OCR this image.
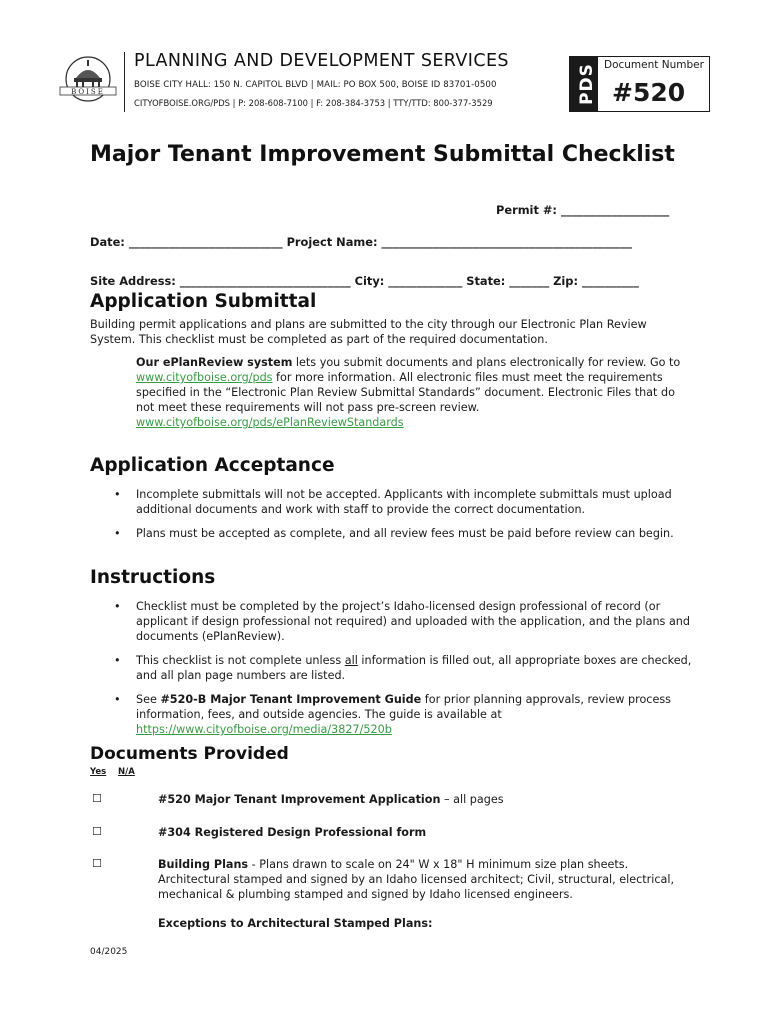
BOISE
PLANNING AND DEVELOPMENT SERVICES
BOISE CITY HALL: 150 N. CAPITOL BLVD | MAIL: PO BOX 500, BOISE ID 83701-0500
CITYOFBOISE.ORG/PDS | P: 208-608-7100 | F: 208-384-3753 | TTY/TTD: 800-377-3529	PDS Document Number
#520
Major Tenant Improvement Submittal Checklist
Permit #: ___________________
Date: ___________________________ Project Name: ____________________________________________
Site Address: ______________________________ City: _____________ State: _______ Zip: __________
Application Submittal
Building permit applications and plans are submitted to the city through our Electronic Plan Review System. This checklist must be completed as part of the required documentation.
Our ePlanReview system lets you submit documents and plans electronically for review. Go to www.cityofboise.org/pds for more information. All electronic files must meet the requirements specified in the “Electronic Plan Review Submittal Standards” document. Electronic Files that do not meet these requirements will not pass pre-screen review.
www.cityofboise.org/pds/ePlanReviewStandards
Application Acceptance
• Incomplete submittals will not be accepted. Applicants with incomplete submittals must upload additional documents and work with staff to provide the correct documentation.
• Plans must be accepted as complete, and all review fees must be paid before review can begin.
Instructions
• Checklist must be completed by the project’s Idaho-licensed design professional of record (or applicant if design professional not required) and uploaded with the application, and the plans and documents (ePlanReview).
• This checklist is not complete unless all information is filled out, all appropriate boxes are checked, and all plan page numbers are listed.
• See #520-B Major Tenant Improvement Guide for prior planning approvals, review process information, fees, and outside agencies. The guide is available at https://www.cityofboise.org/media/3827/520b
Documents Provided
Yes N/A
☐	#520 Major Tenant Improvement Application – all pages
☐	#304 Registered Design Professional form
☐	Building Plans - Plans drawn to scale on 24" W x 18" H minimum size plan sheets. Architectural stamped and signed by an Idaho licensed architect; Civil, structural, electrical, mechanical & plumbing stamped and signed by Idaho licensed engineers.
Exceptions to Architectural Stamped Plans:
04/2025
